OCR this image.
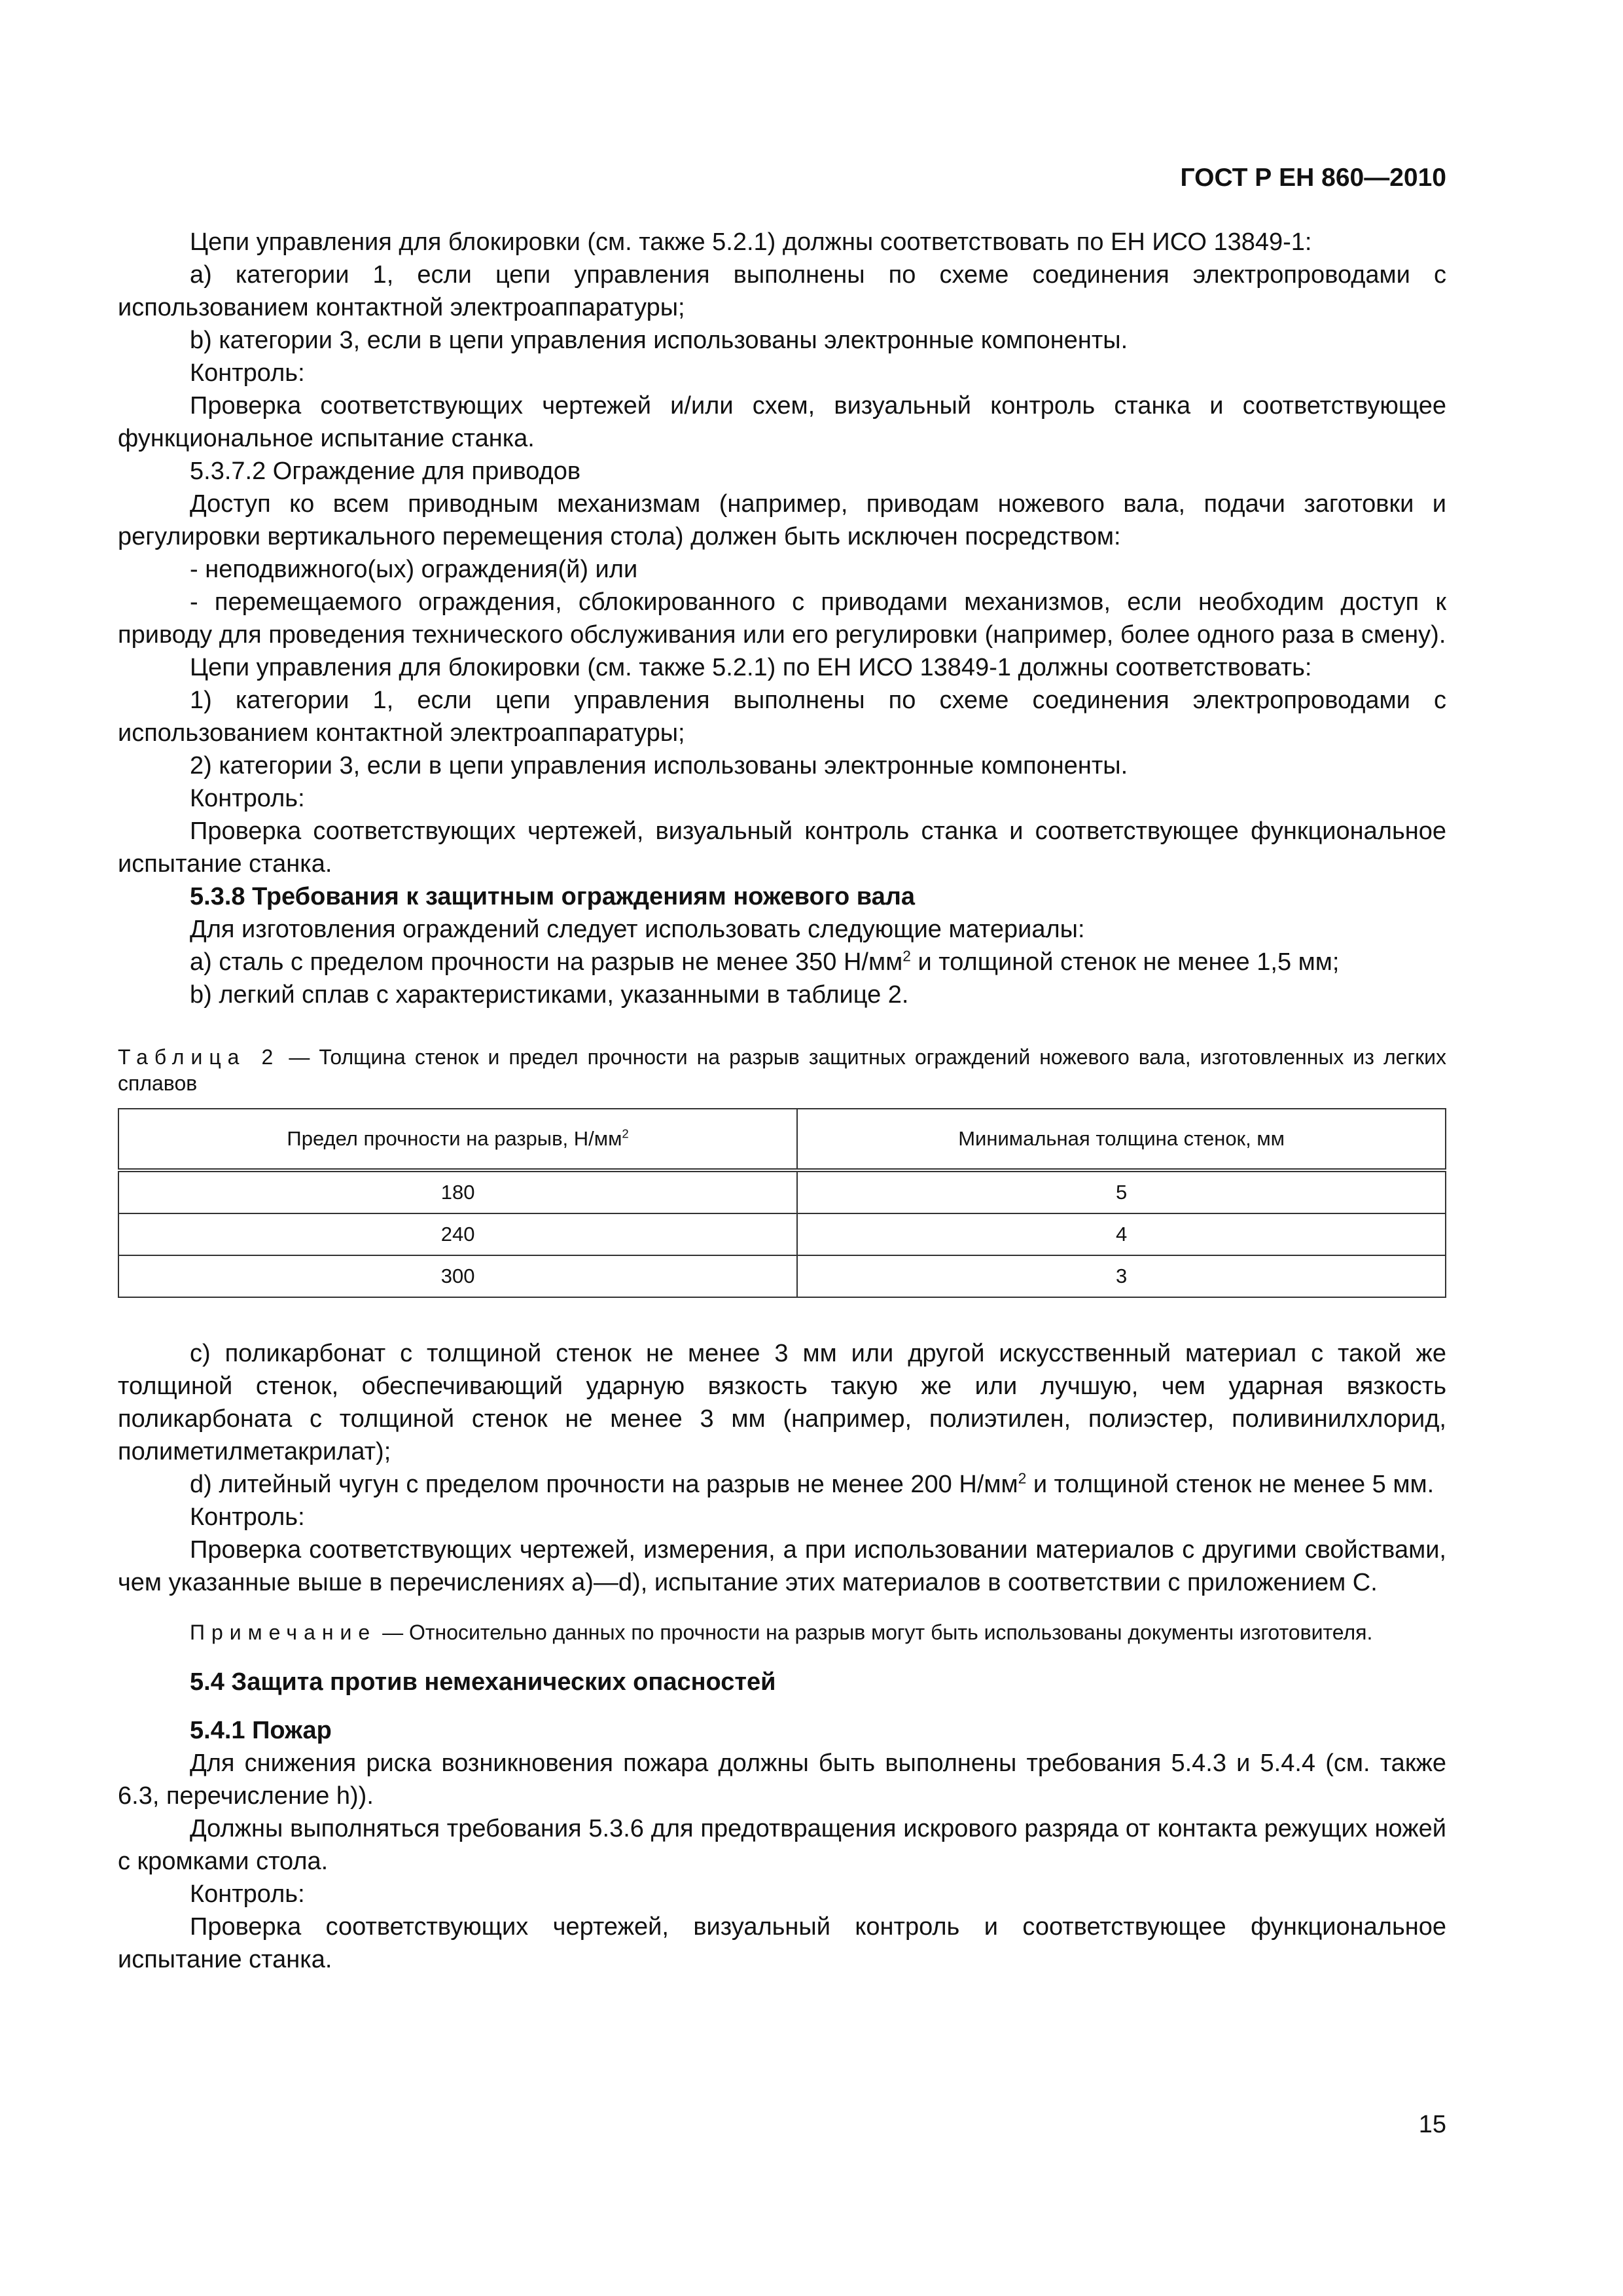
ГОСТ Р ЕН 860—2010

Цепи управления для блокировки (см. также 5.2.1) должны соответствовать по ЕН ИСО 13849-1:

a) категории 1, если цепи управления выполнены по схеме соединения электропроводами с использованием контактной электроаппаратуры;

b) категории 3, если в цепи управления использованы электронные компоненты.

Контроль:

Проверка соответствующих чертежей и/или схем, визуальный контроль станка и соответствующее функциональное испытание станка.

5.3.7.2 Ограждение для приводов

Доступ ко всем приводным механизмам (например, приводам ножевого вала, подачи заготовки и регулировки вертикального перемещения стола) должен быть исключен посредством:

- неподвижного(ых) ограждения(й) или

- перемещаемого ограждения, сблокированного с приводами механизмов, если необходим доступ к приводу для проведения технического обслуживания или его регулировки (например, более одного раза в смену).

Цепи управления для блокировки (см. также 5.2.1) по ЕН ИСО 13849-1 должны соответствовать:

1) категории 1, если цепи управления выполнены по схеме соединения электропроводами с использованием контактной электроаппаратуры;

2) категории 3, если в цепи управления использованы электронные компоненты.

Контроль:

Проверка соответствующих чертежей, визуальный контроль станка и соответствующее функциональное испытание станка.

5.3.8 Требования к защитным ограждениям ножевого вала

Для изготовления ограждений следует использовать следующие материалы:

a) сталь с пределом прочности на разрыв не менее 350 $Н/мм^2$ и толщиной стенок не менее 1,5 мм;

b) легкий сплав с характеристиками, указанными в таблице 2.

Таблица 2 — Толщина стенок и предел прочности на разрыв защитных ограждений ножевого вала, изготовленных из легких сплавов
Предел прочности на разрыв, $Н/мм^2$	Минимальная толщина стенок, мм
180	5
240	4
300	3

c) поликарбонат с толщиной стенок не менее 3 мм или другой искусственный материал с такой же толщиной стенок, обеспечивающий ударную вязкость такую же или лучшую, чем ударная вязкость поликарбоната с толщиной стенок не менее 3 мм (например, полиэтилен, полиэстер, поливинилхлорид, полиметилметакрилат);

d) литейный чугун с пределом прочности на разрыв не менее 200 $Н/мм^2$ и толщиной стенок не менее 5 мм.

Контроль:

Проверка соответствующих чертежей, измерения, а при использовании материалов с другими свойствами, чем указанные выше в перечислениях a)—d), испытание этих материалов в соответствии с приложением С.

Примечание — Относительно данных по прочности на разрыв могут быть использованы документы изготовителя.

5.4 Защита против немеханических опасностей

5.4.1 Пожар

Для снижения риска возникновения пожара должны быть выполнены требования 5.4.3 и 5.4.4 (см. также 6.3, перечисление h)).

Должны выполняться требования 5.3.6 для предотвращения искрового разряда от контакта режущих ножей с кромками стола.

Контроль:

Проверка соответствующих чертежей, визуальный контроль и соответствующее функциональное испытание станка.

15
